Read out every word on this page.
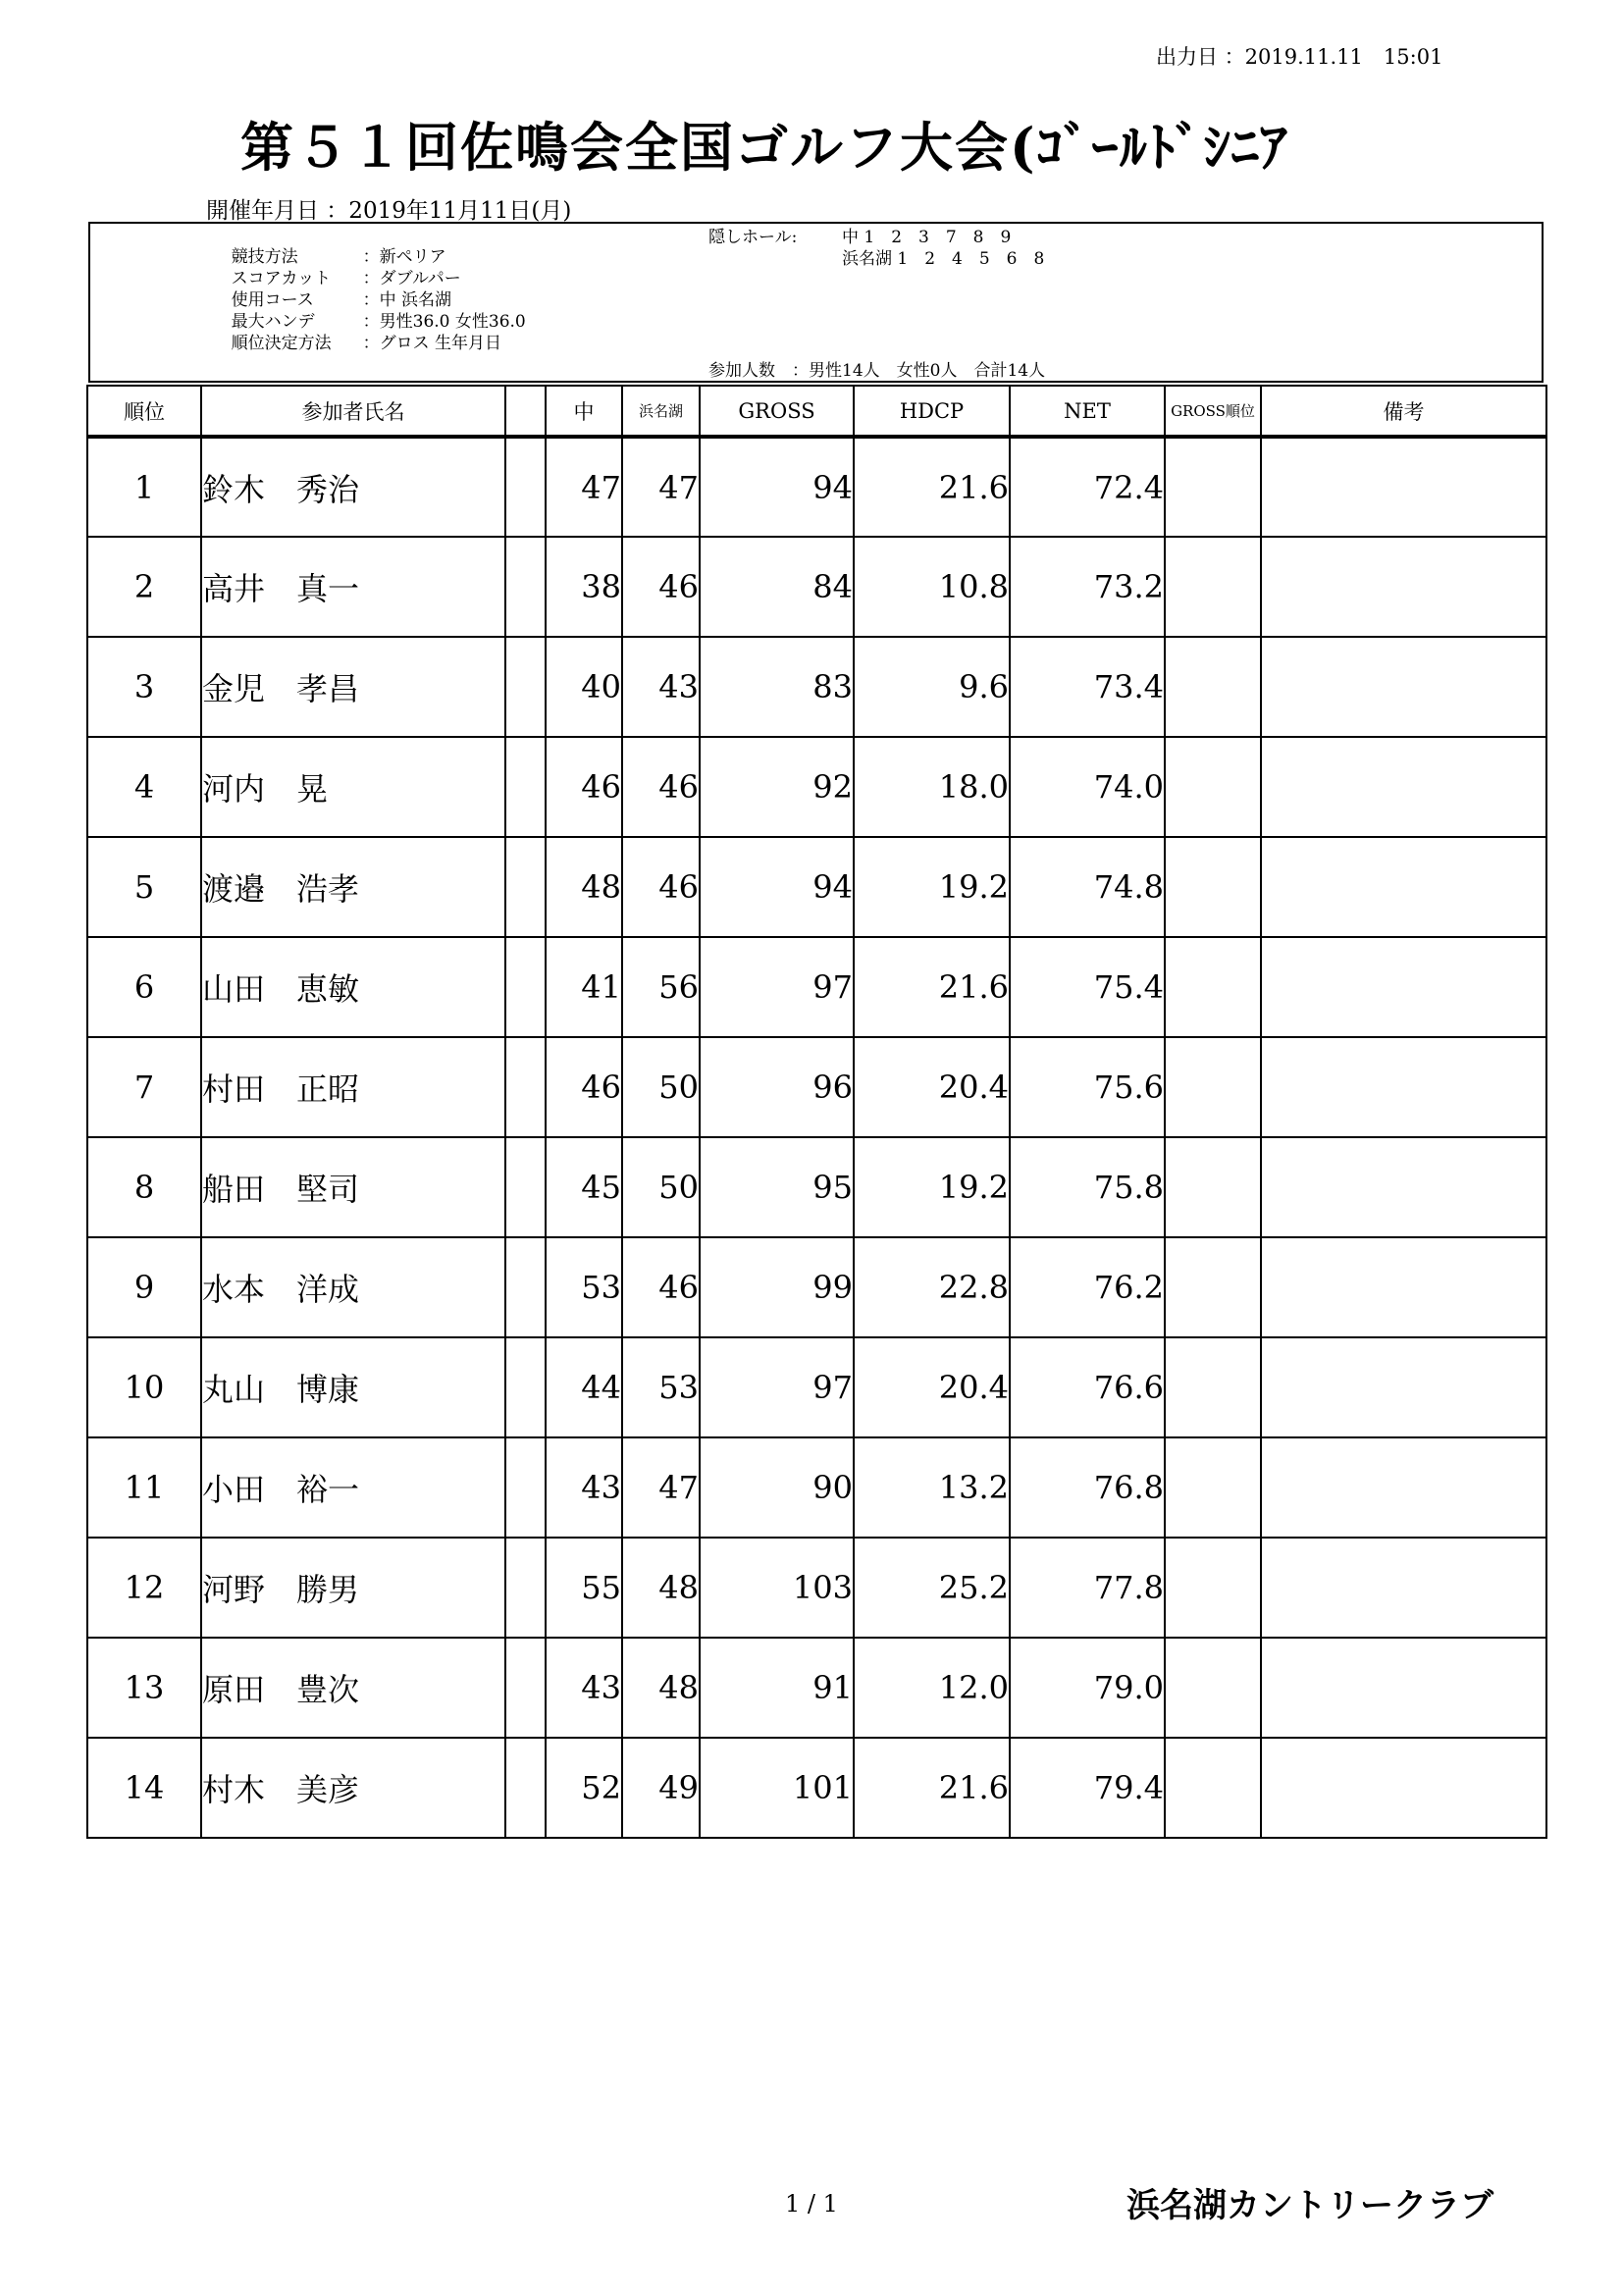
出力日 ：2019.11.11　15:01
第５１回佐鳴会全国ゴルフ大会(ｺﾞｰﾙﾄﾞｼﾆｱ
開催年月日 ：2019年11月11日(月)

競技方法	：新ペリア

スコアカット ：ダブルパー

使用コース	：中 浜名湖

最大ハンデ	：男性36.0 女性36.0

順位決定方法 ：グロス 生年月日

隠しホール:	中 1　2　3　7　8　9
浜名湖 1　2　4　5　6　8
参加人数　：男性14人　女性0人　合計14人
順位	参加者氏名		中	浜名湖	GROSS	HDCP	NET	GROSS順位	備考
1	鈴木　秀治		47	47	94	21.6	72.4		
2	高井　真一		38	46	84	10.8	73.2		
3	金児　孝昌		40	43	83	9.6	73.4		
4	河内　晃		46	46	92	18.0	74.0		
5	渡邉　浩孝		48	46	94	19.2	74.8		
6	山田　恵敏		41	56	97	21.6	75.4		
7	村田　正昭		46	50	96	20.4	75.6		
8	船田　堅司		45	50	95	19.2	75.8		
9	水本　洋成		53	46	99	22.8	76.2		
10	丸山　博康		44	53	97	20.4	76.6		
11	小田　裕一		43	47	90	13.2	76.8		
12	河野　勝男		55	48	103	25.2	77.8		
13	原田　豊次		43	48	91	12.0	79.0		
14	村木　美彦		52	49	101	21.6	79.4		
1 / 1	浜名湖カントリークラブ
